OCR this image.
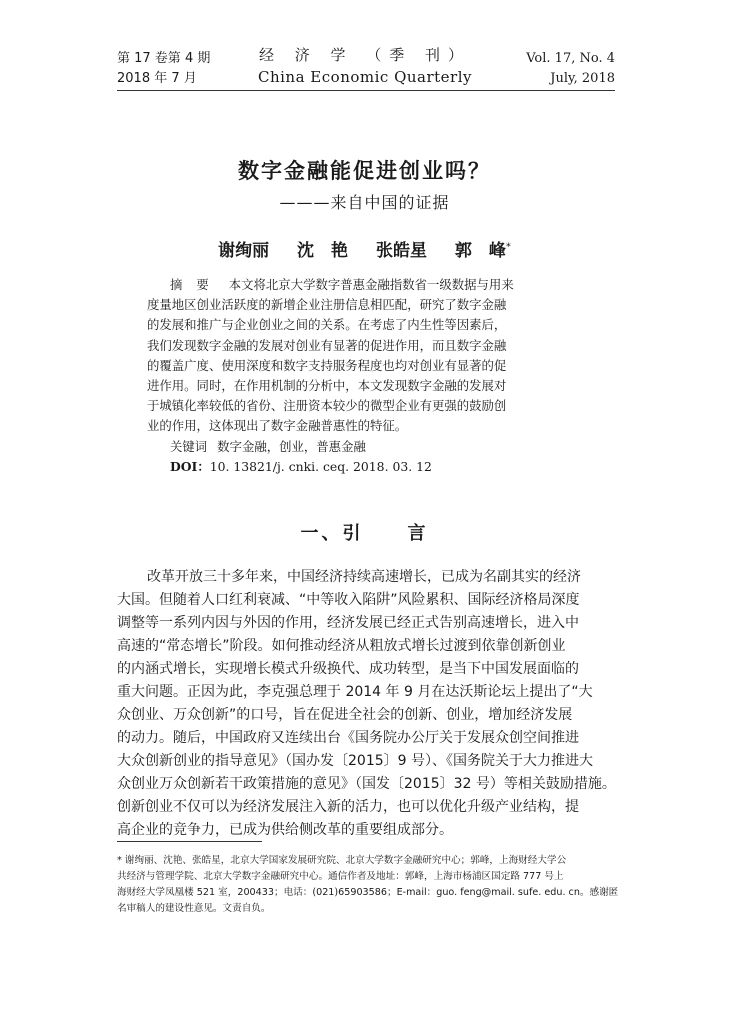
第 17 卷第 4 期
2018 年 7 月
经 济 学 （季 刊）
China Economic Quarterly
Vol. 17, No. 4
July, 2018
数字金融能促进创业吗？
———来自中国的证据
谢绚丽 沈　艳 张皓星 郭　峰*
摘要 本文将北京大学数字普惠金融指数省一级数据与用来
度量地区创业活跃度的新增企业注册信息相匹配，研究了数字金融
的发展和推广与企业创业之间的关系。在考虑了内生性等因素后，
我们发现数字金融的发展对创业有显著的促进作用，而且数字金融
的覆盖广度、使用深度和数字支持服务程度也均对创业有显著的促
进作用。同时，在作用机制的分析中，本文发现数字金融的发展对
于城镇化率较低的省份、注册资本较少的微型企业有更强的鼓励创
业的作用，这体现出了数字金融普惠性的特征。
关键词 数字金融，创业，普惠金融
DOI：10. 13821/j. cnki. ceq. 2018. 03. 12
一、引 言
改革开放三十多年来，中国经济持续高速增长，已成为名副其实的经济
大国。但随着人口红利衰减、“中等收入陷阱”风险累积、国际经济格局深度
调整等一系列内因与外因的作用，经济发展已经正式告别高速增长，进入中
高速的“常态增长”阶段。如何推动经济从粗放式增长过渡到依靠创新创业
的内涵式增长，实现增长模式升级换代、成功转型，是当下中国发展面临的
重大问题。正因为此，李克强总理于 2014 年 9 月在达沃斯论坛上提出了“大
众创业、万众创新”的口号，旨在促进全社会的创新、创业，增加经济发展
的动力。随后，中国政府又连续出台《国务院办公厅关于发展众创空间推进
大众创新创业的指导意见》（国办发〔2015〕9 号）、《国务院关于大力推进大
众创业万众创新若干政策措施的意见》（国发〔2015〕32 号）等相关鼓励措施。
创新创业不仅可以为经济发展注入新的活力，也可以优化升级产业结构，提
高企业的竞争力，已成为供给侧改革的重要组成部分。
* 谢绚丽、沈艳、张皓星，北京大学国家发展研究院、北京大学数字金融研究中心；郭峰，上海财经大学公
共经济与管理学院、北京大学数字金融研究中心。通信作者及地址：郭峰，上海市杨浦区国定路 777 号上
海财经大学凤凰楼 521 室，200433；电话：(021)65903586；E-mail：guo. feng@mail. sufe. edu. cn。感谢匿
名审稿人的建设性意见。文责自负。
